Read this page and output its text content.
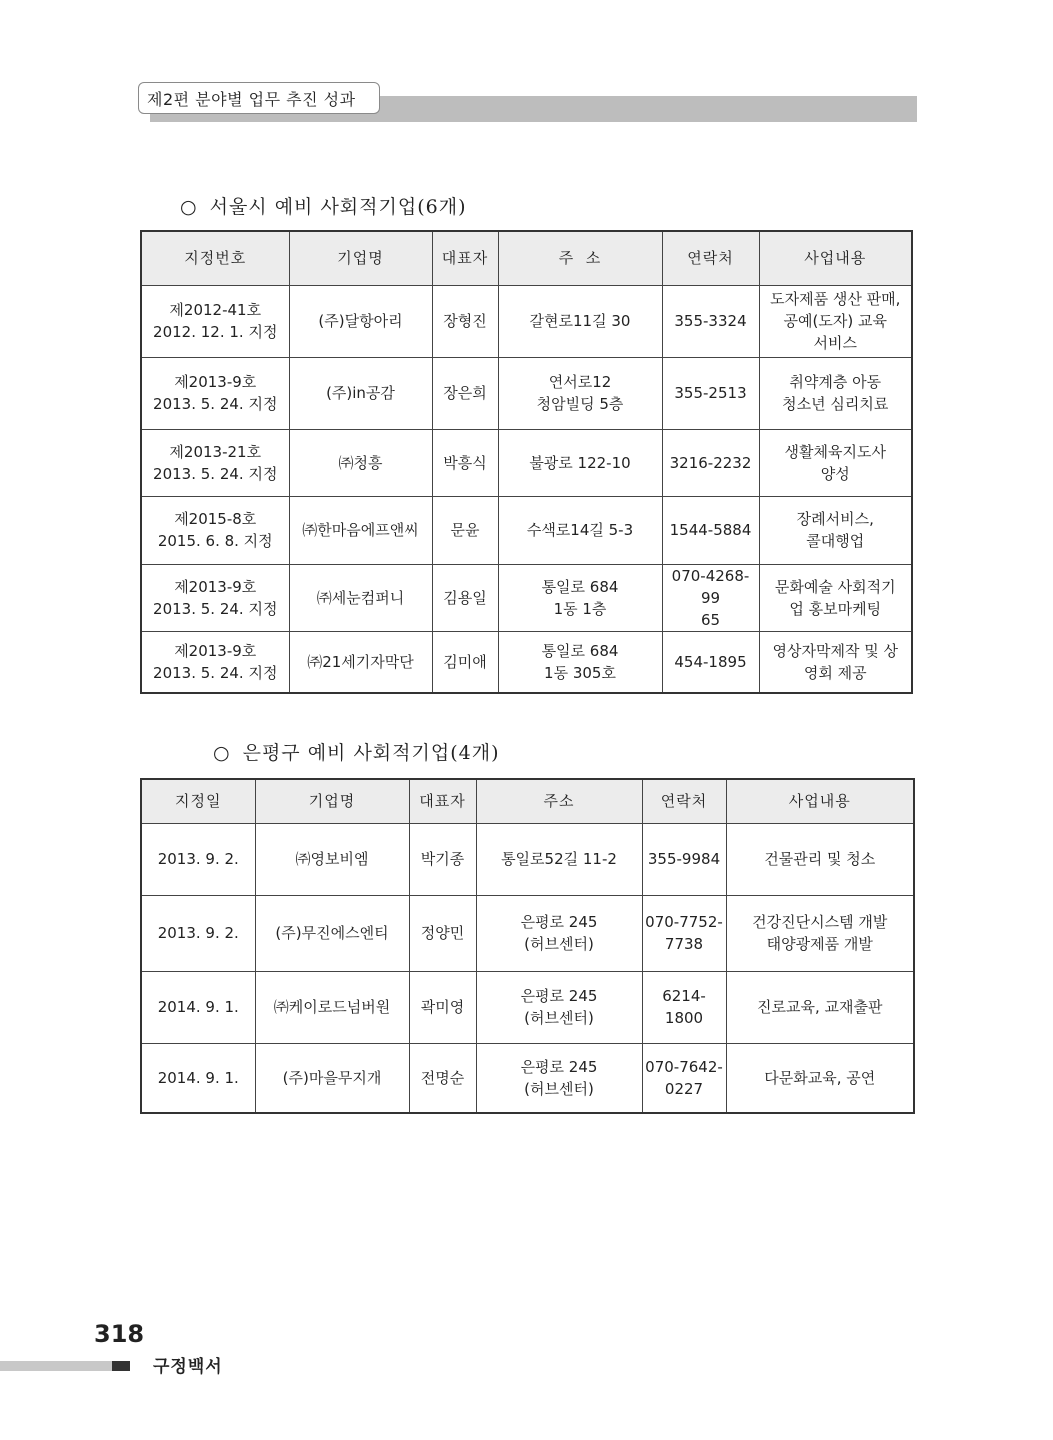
제2편 분야별 업무 추진 성과
○ 서울시 예비 사회적기업(6개)
지정번호	기업명	대표자	주  소	연락처	사업내용

제2012-41호
2012. 12. 1. 지정	(주)달항아리	장형진	갈현로11길 30	355-3324	도자제품 생산 판매,
공예(도자) 교육
서비스

제2013-9호
2013. 5. 24. 지정	(주)in공감	장은희	연서로12
청암빌딩 5층	355-2513	취약계층 아동
청소년 심리치료

제2013-21호
2013. 5. 24. 지정	㈜청흥	박흥식	불광로 122-10	3216-2232	생활체육지도사
양성

제2015-8호
2015. 6. 8. 지정	㈜한마음에프앤씨	문윤	수색로14길 5-3	1544-5884	장례서비스,
콜대행업

제2013-9호
2013. 5. 24. 지정	㈜세눈컴퍼니	김용일	통일로 684
1동 1층	070-4268-99
65	문화예술 사회적기
업 홍보마케팅

제2013-9호
2013. 5. 24. 지정	㈜21세기자막단	김미애	통일로 684
1동 305호	454-1895	영상자막제작 및 상
영회 제공
○ 은평구 예비 사회적기업(4개)
지정일	기업명	대표자	주소	연락처	사업내용
2013. 9. 2.	㈜영보비엠	박기종	통일로52길 11-2	355-9984	건물관리 및 청소

2013. 9. 2.	(주)무진에스엔티	정양민	은평로 245
(허브센터)	070-7752-
7738	건강진단시스템 개발
태양광제품 개발

2014. 9. 1.	㈜케이로드넘버원	곽미영	은평로 245
(허브센터)	6214-1800	진로교육, 교재출판

2014. 9. 1.	(주)마을무지개	전명순	은평로 245
(허브센터)	070-7642-
0227	다문화교육, 공연
318
구정백서
